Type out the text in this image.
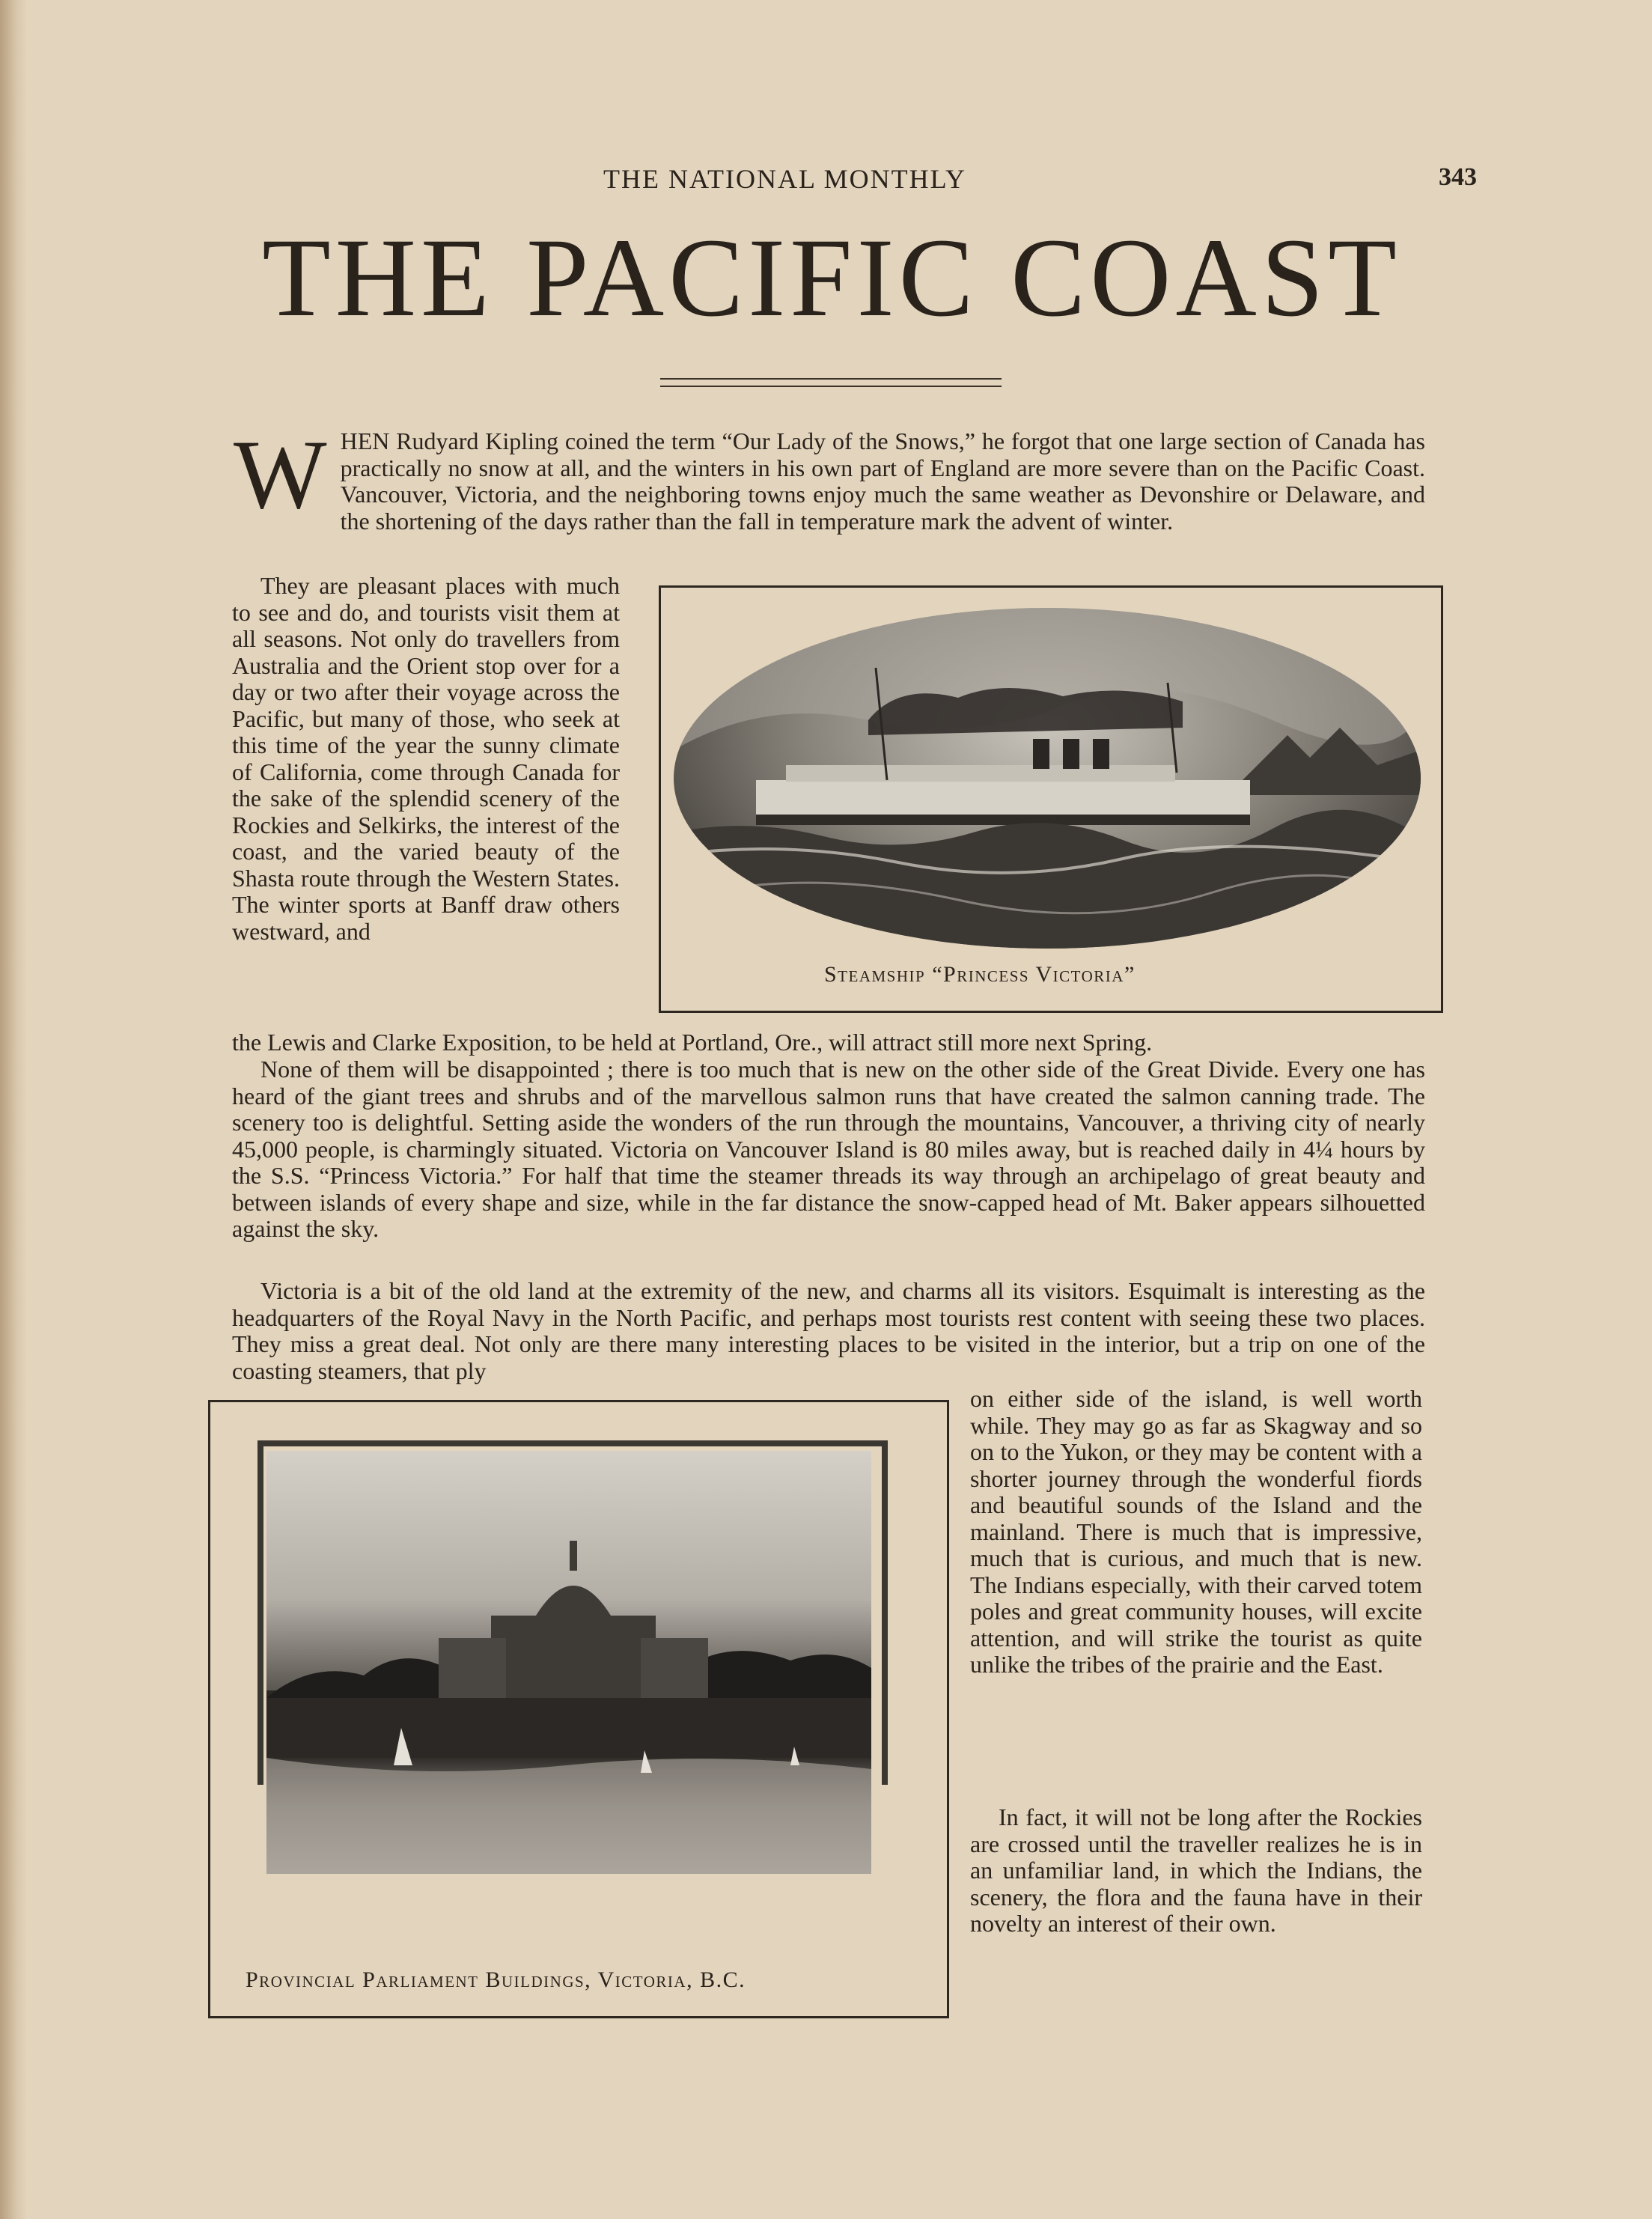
THE NATIONAL MONTHLY	343
THE PACIFIC COAST

W HEN Rudyard Kipling coined the term “Our Lady of the Snows,” he forgot that one large section of Canada has practically no snow at all, and the winters in his own part of England are more severe than on the Pacific Coast. Vancouver, Victoria, and the neighboring towns enjoy much the same weather as Devonshire or Delaware, and the shortening of the days rather than the fall in temperature mark the advent of winter.

They are pleasant places with much to see and do, and tourists visit them at all seasons. Not only do travellers from Australia and the Orient stop over for a day or two after their voyage across the Pacific, but many of those, who seek at this time of the year the sunny climate of California, come through Canada for the sake of the splendid scenery of the Rockies and Selkirks, the interest of the coast, and the varied beauty of the Shasta route through the Western States. The winter sports at Banff draw others westward, and

Steamship “Princess Victoria”

the Lewis and Clarke Exposition, to be held at Portland, Ore., will attract still more next Spring.

None of them will be disappointed ; there is too much that is new on the other side of the Great Divide. Every one has heard of the giant trees and shrubs and of the marvellous salmon runs that have created the salmon canning trade. The scenery too is delightful. Setting aside the wonders of the run through the mountains, Vancouver, a thriving city of nearly 45,000 people, is charmingly situated. Victoria on Vancouver Island is 80 miles away, but is reached daily in 4¼ hours by the S.S. “Princess Victoria.” For half that time the steamer threads its way through an archipelago of great beauty and between islands of every shape and size, while in the far distance the snow-capped head of Mt. Baker appears silhouetted against the sky.

Victoria is a bit of the old land at the extremity of the new, and charms all its visitors. Esquimalt is interesting as the headquarters of the Royal Navy in the North Pacific, and perhaps most tourists rest content with seeing these two places. They miss a great deal. Not only are there many interesting places to be visited in the interior, but a trip on one of the coasting steamers, that ply

Provincial Parliament Buildings, Victoria, B.C.

on either side of the island, is well worth while. They may go as far as Skagway and so on to the Yukon, or they may be content with a shorter journey through the wonderful fiords and beautiful sounds of the Island and the mainland. There is much that is impressive, much that is curious, and much that is new. The Indians especially, with their carved totem poles and great community houses, will excite attention, and will strike the tourist as quite unlike the tribes of the prairie and the East.

In fact, it will not be long after the Rockies are crossed until the traveller realizes he is in an unfamiliar land, in which the Indians, the scenery, the flora and the fauna have in their novelty an interest of their own.
